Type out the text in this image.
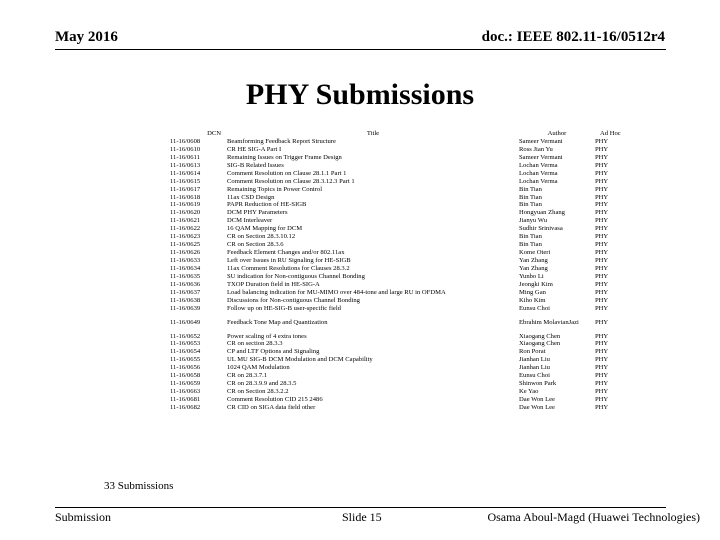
May 2016	doc.: IEEE 802.11-16/0512r4
PHY Submissions
DCN	Title	Author	Ad Hoc
11-16/0608	Beamforming Feedback Report Structure	Sameer Vermani	PHY
11-16/0610	CR HE SIG-A Part I	Ross Jian Yu	PHY
11-16/0611	Remaining Issues on Trigger Frame Design	Sameer Vermani	PHY
11-16/0613	SIG-B Related Issues	Lochan Verma	PHY
11-16/0614	Comment Resolution on Clause 28.1.1 Part 1	Lochan Verma	PHY
11-16/0615	Comment Resolution on Clause 28.3.12.3 Part 1	Lochan Verma	PHY
11-16/0617	Remaining Topics in Power Control	Bin Tian	PHY
11-16/0618	11ax CSD Design	Bin Tian	PHY
11-16/0619	PAPR Reduction of HE-SIGB	Bin Tian	PHY
11-16/0620	DCM PHY Parameters	Hongyuan Zhang	PHY
11-16/0621	DCM Interleaver	Jianyu Wu	PHY
11-16/0622	16 QAM Mapping for DCM	Sudhir Srinivasa	PHY
11-16/0623	CR on Section 28.3.10.12	Bin Tian	PHY
11-16/0625	CR on Section 28.3.6	Bin Tian	PHY
11-16/0626	Feedback Element Changes and/or 802.11ax	Kome Oteri	PHY
11-16/0633	Left over Issues in RU Signaling for HE-SIGB	Yan Zhang	PHY
11-16/0634	11ax Comment Resolutions for Clauses 28.3.2	Yan Zhang	PHY
11-16/0635	SU indication for Non-contiguous Channel Bonding	Yunbo Li	PHY
11-16/0636	TXOP Duration field in HE-SIG-A	Jeongki Kim	PHY
11-16/0637	Load balancing indication for MU-MIMO over 484-tone and large RU in OFDMA	Ming Gan	PHY
11-16/0638	Discussions for Non-contiguous Channel Bonding	Kiho Kim	PHY
11-16/0639	Follow up on HE-SIG-B user-specific field	Eunsu Choi	PHY
11-16/0649	Feedback Tone Map and Quantization	Ebrahim MolavianJazi	PHY
11-16/0652	Power scaling of 4 extra tones	Xiaogang Chen	PHY
11-16/0653	CR on section 28.3.3	Xiaogang Chen	PHY
11-16/0654	CP and LTF Options and Signaling	Ron Porat	PHY
11-16/0655	UL MU SIG-B DCM Modulation and DCM Capability	Jianhan Liu	PHY
11-16/0656	1024 QAM Modulation	Jianhan Liu	PHY
11-16/0658	CR on 28.3.7.1	Eunsu Choi	PHY
11-16/0659	CR on 28.3.9.9 and 28.3.5	Shinwon Park	PHY
11-16/0663	CR on Section 28.3.2.2	Ke Yao	PHY
11-16/0681	Comment Resolution CID 215 2486	Dae Won Lee	PHY
11-16/0682	CR CID on SIGA data field other	Dae Won Lee	PHY
33 Submissions
Submission	Slide 15	Osama Aboul-Magd (Huawei Technologies)
